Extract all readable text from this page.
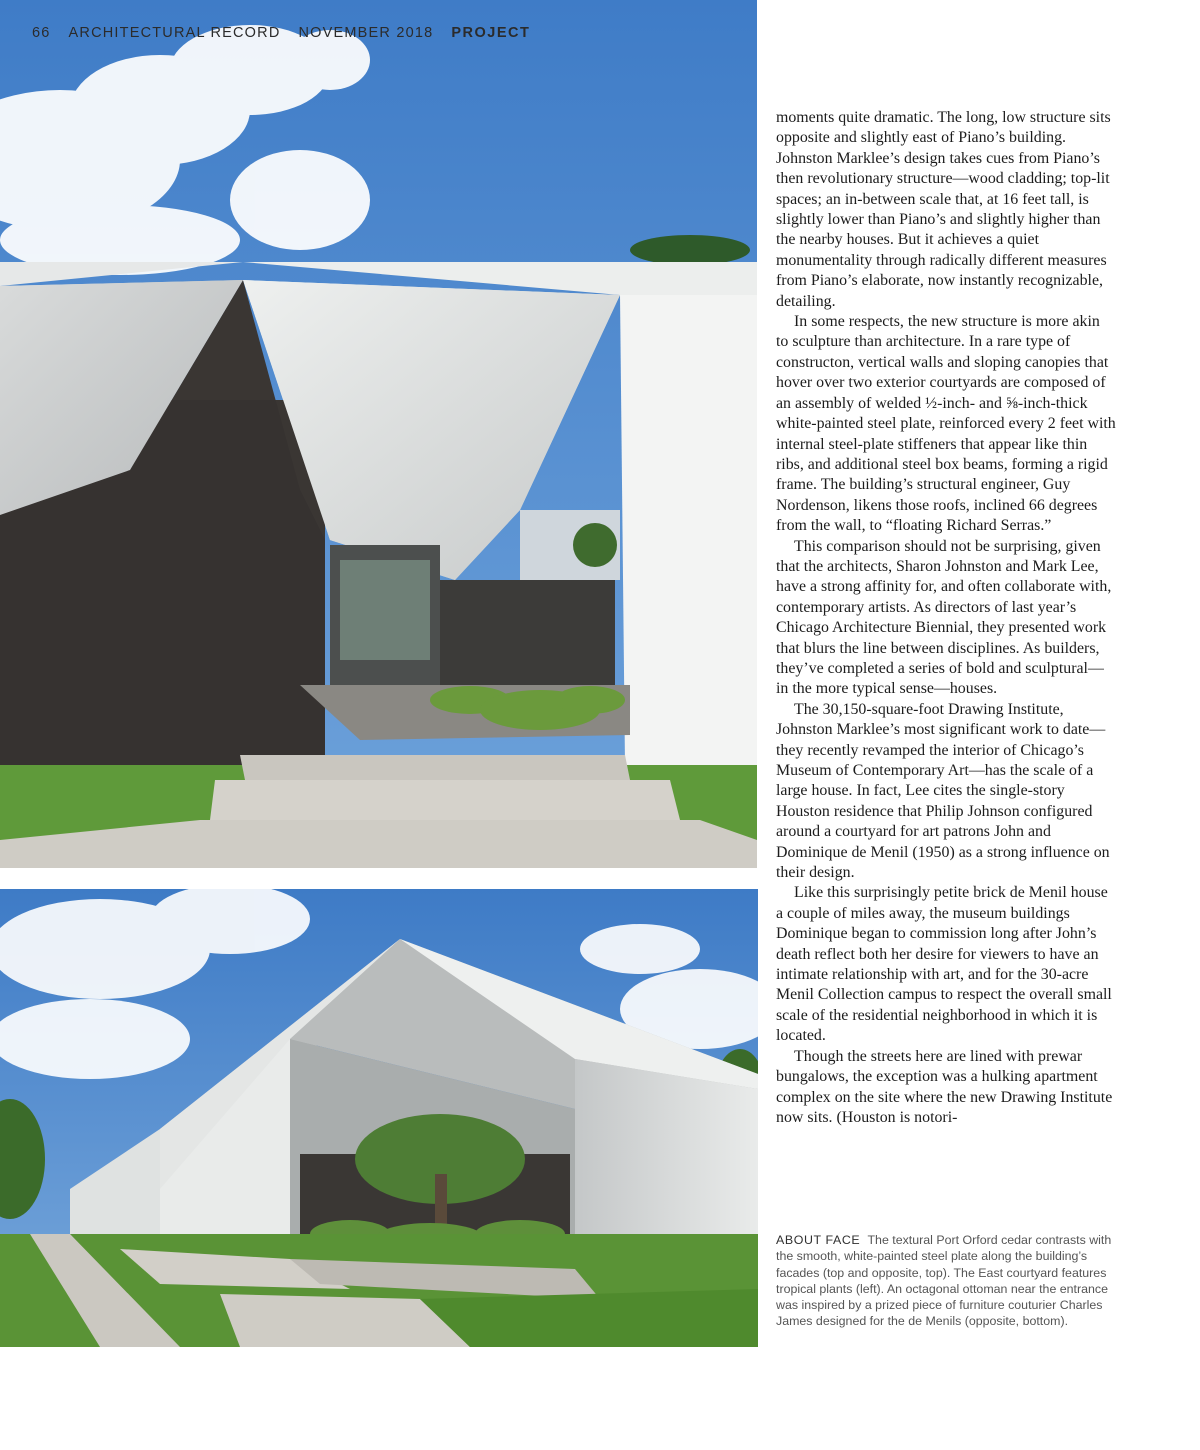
66 ARCHITECTURAL RECORD NOVEMBER 2018 PROJECT

moments quite dramatic. The long, low structure sits opposite and slightly east of Piano’s building. Johnston Marklee’s design takes cues from Piano’s then revolutionary structure—wood cladding; top-lit spaces; an in-between scale that, at 16 feet tall, is slightly lower than Piano’s and slightly higher than the nearby houses. But it achieves a quiet monumentality through radically different measures from Piano’s elaborate, now instantly recognizable, detailing.

In some respects, the new structure is more akin to sculpture than architecture. In a rare type of constructon, vertical walls and sloping canopies that hover over two exterior courtyards are composed of an assembly of welded ½-inch- and ⅝-inch-thick white-painted steel plate, reinforced every 2 feet with internal steel-plate stiffeners that appear like thin ribs, and additional steel box beams, forming a rigid frame. The building’s structural engineer, Guy Nordenson, likens those roofs, inclined 66 degrees from the wall, to “floating Richard Serras.”

This comparison should not be surprising, given that the architects, Sharon Johnston and Mark Lee, have a strong affinity for, and often collaborate with, contemporary artists. As directors of last year’s Chicago Architecture Biennial, they presented work that blurs the line between disciplines. As builders, they’ve completed a series of bold and sculptural—in the more typical sense—houses.

The 30,150-square-foot Drawing Institute, Johnston Marklee’s most significant work to date—they recently revamped the interior of Chicago’s Museum of Contemporary Art—has the scale of a large house. In fact, Lee cites the single-story Houston residence that Philip Johnson configured around a courtyard for art patrons John and Dominique de Menil (1950) as a strong influence on their design.

Like this surprisingly petite brick de Menil house a couple of miles away, the museum buildings Dominique began to commission long after John’s death reflect both her desire for viewers to have an intimate relationship with art, and for the 30-acre Menil Collection campus to respect the overall small scale of the residential neighborhood in which it is located.

Though the streets here are lined with prewar bungalows, the exception was a hulking apartment complex on the site where the new Drawing Institute now sits. (Houston is notori-

ABOUT FACE The textural Port Orford cedar contrasts with the smooth, white-painted steel plate along the building’s facades (top and opposite, top). The East courtyard features tropical plants (left). An octagonal ottoman near the entrance was inspired by a prized piece of furniture couturier Charles James designed for the de Menils (opposite, bottom).
